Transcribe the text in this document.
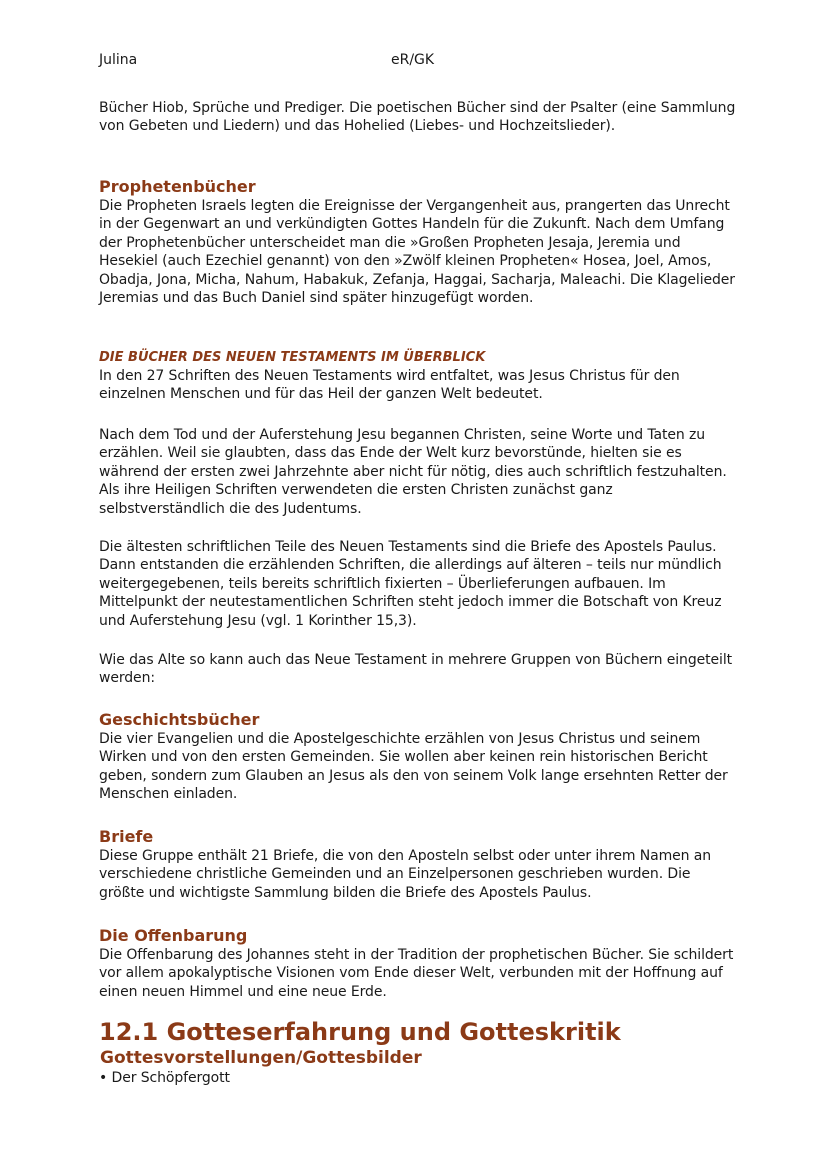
Julina	eR/GK

Bücher Hiob, Sprüche und Prediger. Die poetischen Bücher sind der Psalter (eine Sammlung von Gebeten und Liedern) und das Hohelied (Liebes- und Hochzeitslieder).

Prophetenbücher

Die Propheten Israels legten die Ereignisse der Vergangenheit aus, prangerten das Unrecht in der Gegenwart an und verkündigten Gottes Handeln für die Zukunft. Nach dem Umfang der Prophetenbücher unterscheidet man die »Großen Propheten Jesaja, Jeremia und Hesekiel (auch Ezechiel genannt) von den »Zwölf kleinen Propheten« Hosea, Joel, Amos, Obadja, Jona, Micha, Nahum, Habakuk, Zefanja, Haggai, Sacharja, Maleachi. Die Klagelieder Jeremias und das Buch Daniel sind später hinzugefügt worden.

DIE BÜCHER DES NEUEN TESTAMENTS IM ÜBERBLICK

In den 27 Schriften des Neuen Testaments wird entfaltet, was Jesus Christus für den einzelnen Menschen und für das Heil der ganzen Welt bedeutet.

Nach dem Tod und der Auferstehung Jesu begannen Christen, seine Worte und Taten zu erzählen. Weil sie glaubten, dass das Ende der Welt kurz bevorstünde, hielten sie es während der ersten zwei Jahrzehnte aber nicht für nötig, dies auch schriftlich festzuhalten. Als ihre Heiligen Schriften verwendeten die ersten Christen zunächst ganz selbstverständlich die des Judentums.

Die ältesten schriftlichen Teile des Neuen Testaments sind die Briefe des Apostels Paulus. Dann entstanden die erzählenden Schriften, die allerdings auf älteren – teils nur mündlich weitergegebenen, teils bereits schriftlich fixierten – Überlieferungen aufbauen. Im Mittelpunkt der neutestamentlichen Schriften steht jedoch immer die Botschaft von Kreuz und Auferstehung Jesu (vgl. 1 Korinther 15,3).

Wie das Alte so kann auch das Neue Testament in mehrere Gruppen von Büchern eingeteilt werden:

Geschichtsbücher

Die vier Evangelien und die Apostelgeschichte erzählen von Jesus Christus und seinem Wirken und von den ersten Gemeinden. Sie wollen aber keinen rein historischen Bericht geben, sondern zum Glauben an Jesus als den von seinem Volk lange ersehnten Retter der Menschen einladen.

Briefe

Diese Gruppe enthält 21 Briefe, die von den Aposteln selbst oder unter ihrem Namen an verschiedene christliche Gemeinden und an Einzelpersonen geschrieben wurden. Die größte und wichtigste Sammlung bilden die Briefe des Apostels Paulus.

Die Offenbarung

Die Offenbarung des Johannes steht in der Tradition der prophetischen Bücher. Sie schildert vor allem apokalyptische Visionen vom Ende dieser Welt, verbunden mit der Hoffnung auf einen neuen Himmel und eine neue Erde.

12.1 Gotteserfahrung und Gotteskritik
Gottesvorstellungen/Gottesbilder

• Der Schöpfergott
